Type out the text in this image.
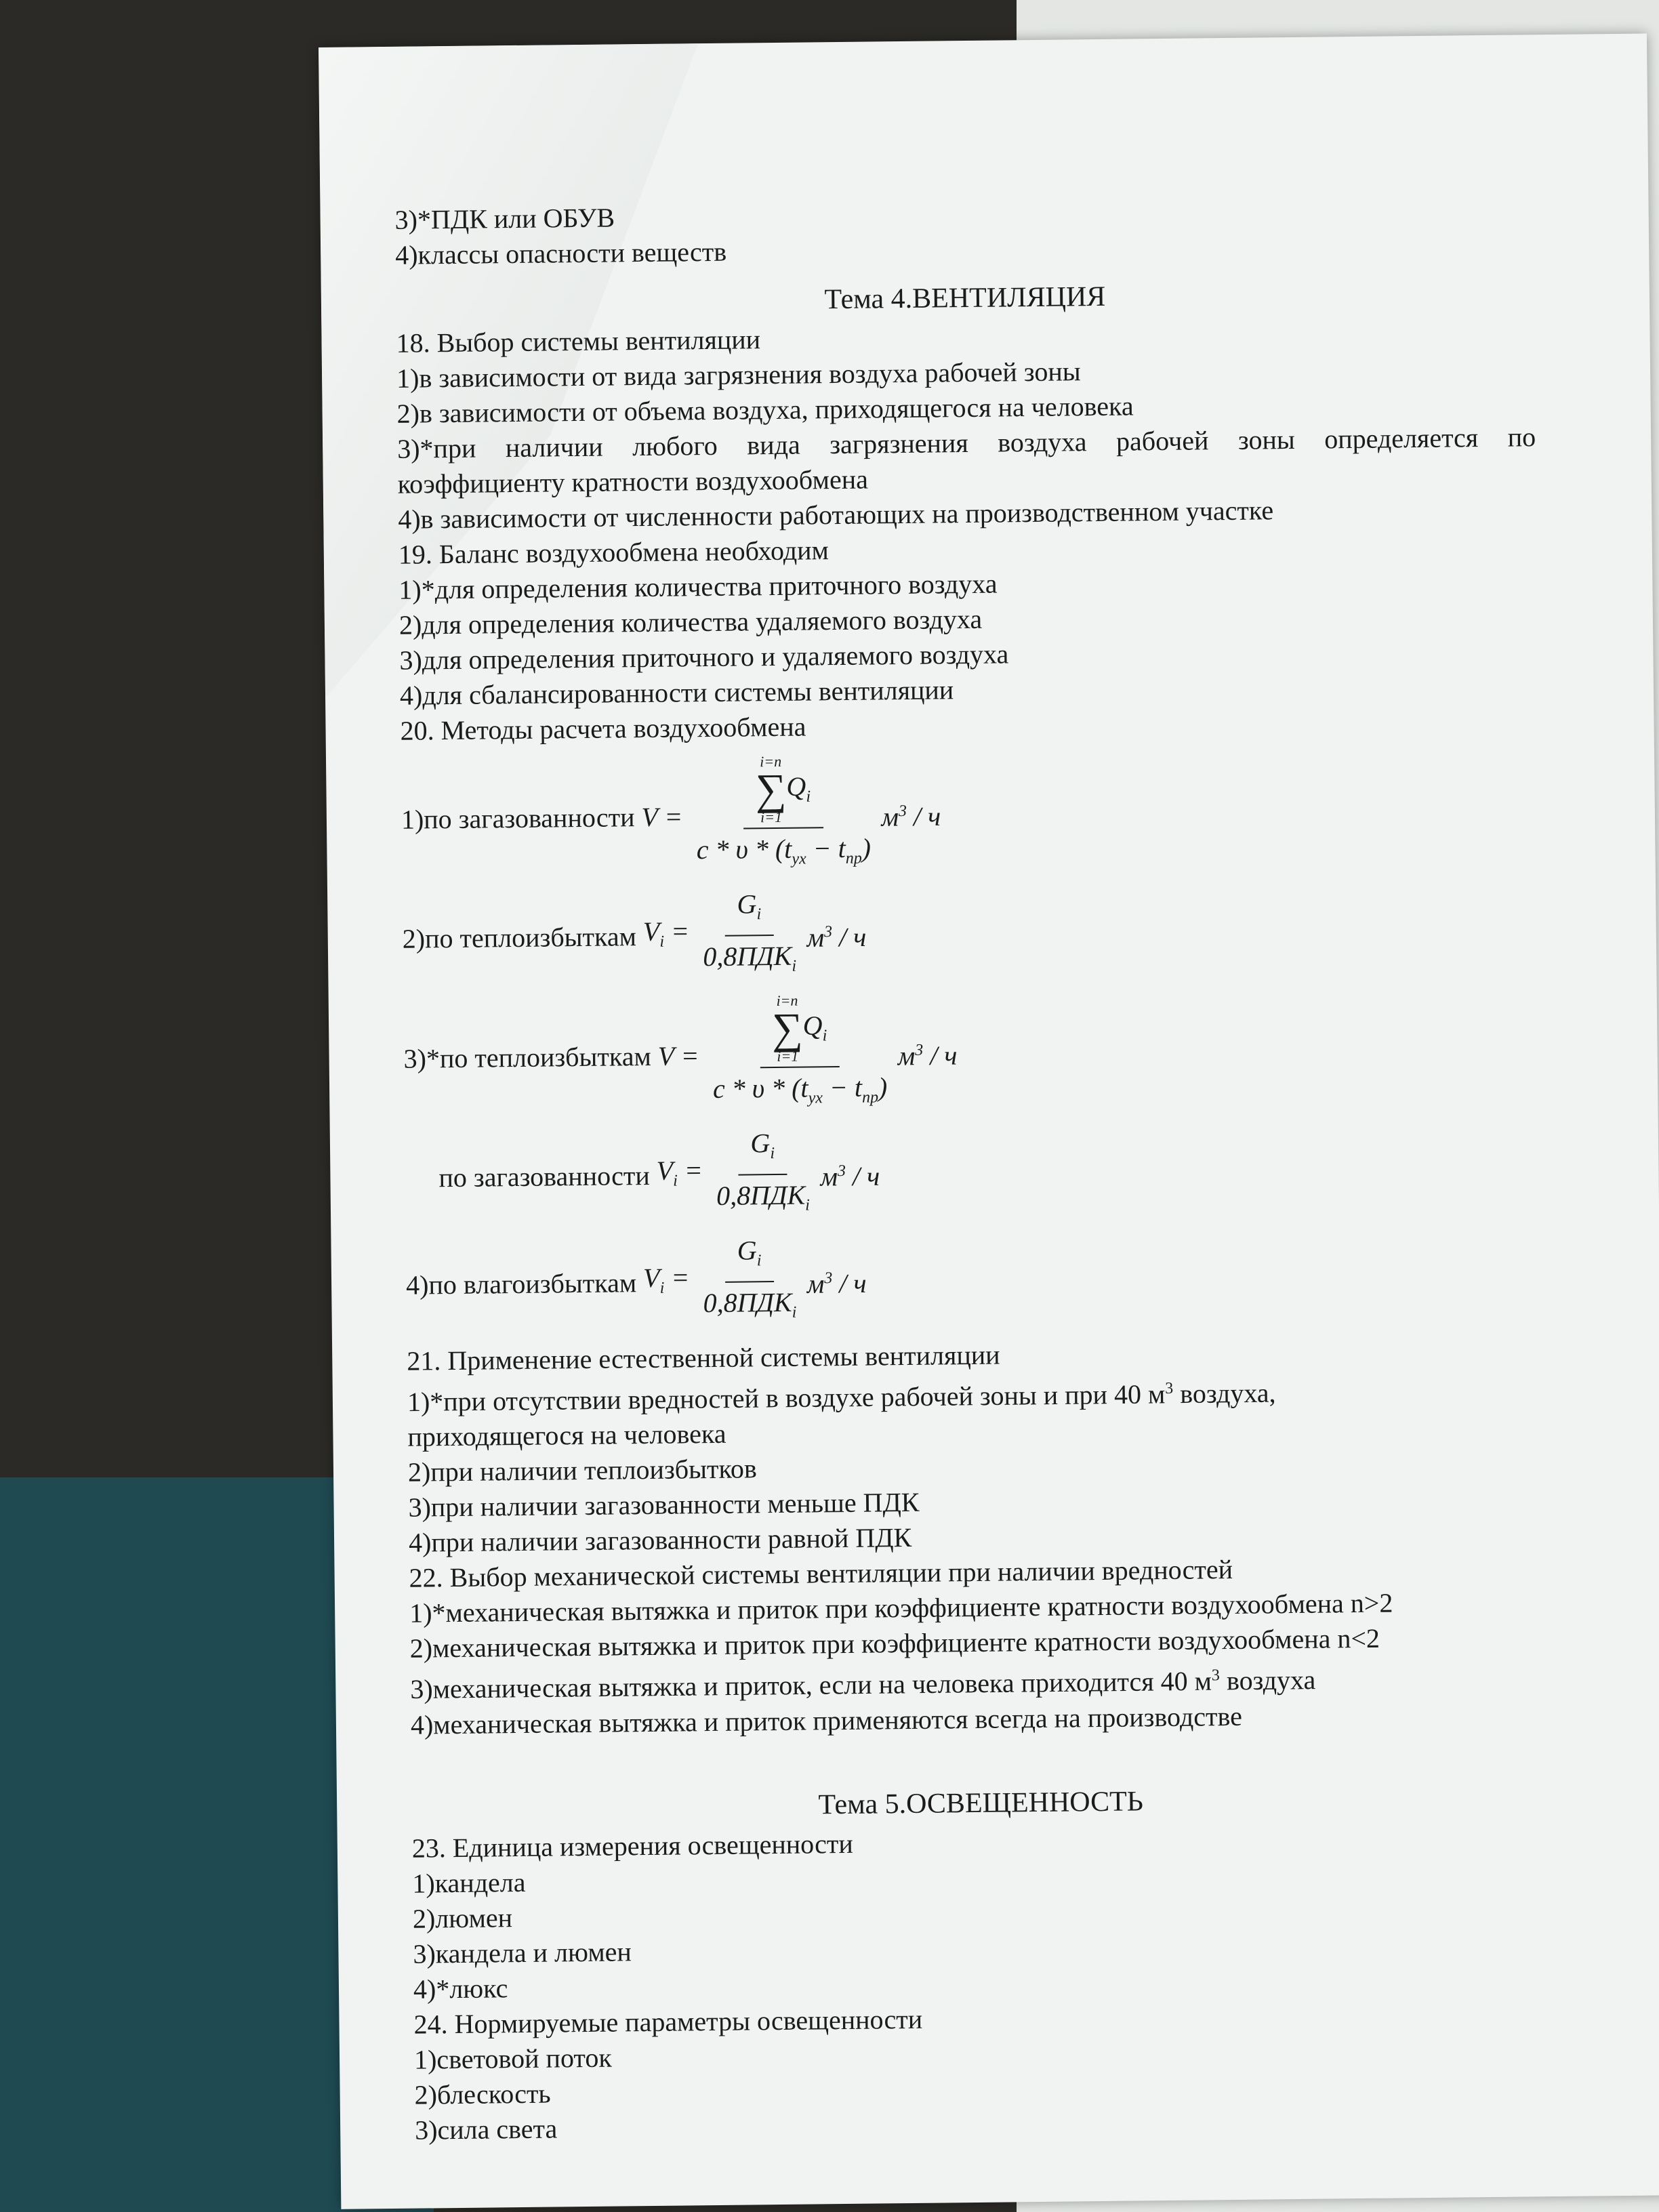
3)*ПДК или ОБУВ
4)классы опасности веществ
Тема 4.ВЕНТИЛЯЦИЯ
18. Выбор системы вентиляции
1)в зависимости от вида загрязнения воздуха рабочей зоны
2)в зависимости от объема воздуха, приходящегося на человека
3)*при наличии любого вида загрязнения воздуха рабочей зоны определяется по
коэффициенту кратности воздухообмена
4)в зависимости от численности работающих на производственном участке
19. Баланс воздухообмена необходим
1)*для определения количества приточного воздуха
2)для определения количества удаляемого воздуха
3)для определения приточного и удаляемого воздуха
4)для сбалансированности системы вентиляции
20. Методы расчета воздухообмена
1)по загазованности V = i=n
∑
i=1
$Q_i$
$c * \upsilon * (t_{yx} - t_{np})$ $м^3$ / ч
2)по теплоизбыткам $V_i = \frac{G_i}{0,8ПДК_i} м^3 / ч$
3)*по теплоизбыткам V = i=n
∑
i=1
$Q_i$
$c * \upsilon * (t_{yx} - t_{np})$ $м^3$ / ч
по загазованности $V_i = \frac{G_i}{0,8ПДК_i} м^3 / ч$
4)по влагоизбыткам $V_i = \frac{G_i}{0,8ПДК_i} м^3 / ч$
21. Применение естественной системы вентиляции
1)*при отсутствии вредностей в воздухе рабочей зоны и при 40 $м^3$ воздуха,
приходящегося на человека
2)при наличии теплоизбытков
3)при наличии загазованности меньше ПДК
4)при наличии загазованности равной ПДК
22. Выбор механической системы вентиляции при наличии вредностей
1)*механическая вытяжка и приток при коэффициенте кратности воздухообмена n>2
2)механическая вытяжка и приток при коэффициенте кратности воздухообмена n<2
3)механическая вытяжка и приток, если на человека приходится 40 $м^3$ воздуха
4)механическая вытяжка и приток применяются всегда на производстве
Тема 5.ОСВЕЩЕННОСТЬ
23. Единица измерения освещенности
1)кандела
2)люмен
3)кандела и люмен
4)*люкс
24. Нормируемые параметры освещенности
1)световой поток
2)блескость
3)сила света
